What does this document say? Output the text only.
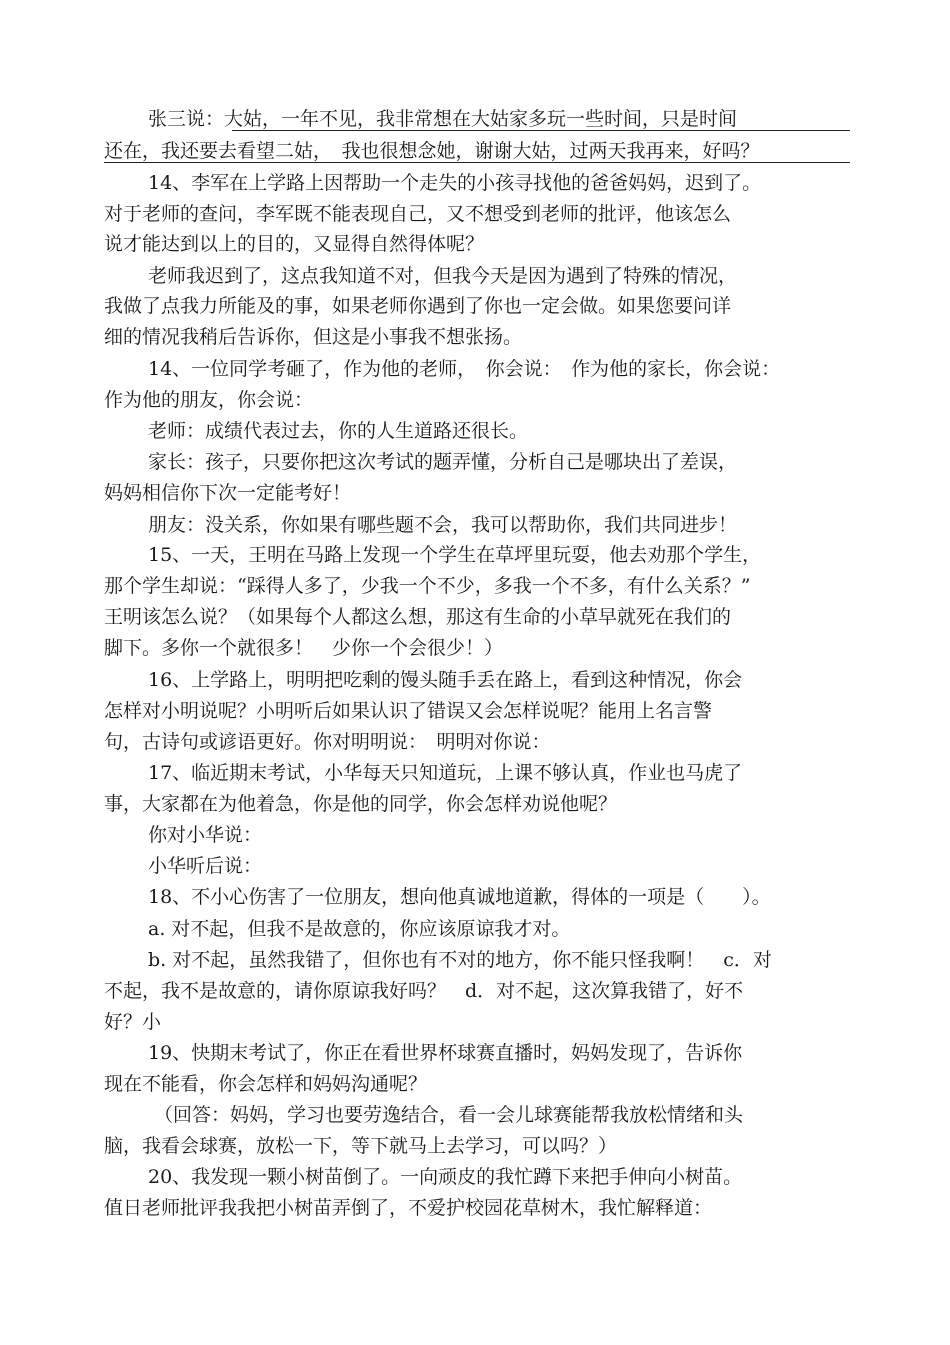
张三说：大姑，一年不见，我非常想在大姑家多玩一些时间，只是时间
还在，我还要去看望二姑，　我也很想念她，谢谢大姑，过两天我再来，好吗？
14、李军在上学路上因帮助一个走失的小孩寻找他的爸爸妈妈，迟到了。
对于老师的查问，李军既不能表现自己，又不想受到老师的批评，他该怎么
说才能达到以上的目的，又显得自然得体呢？
老师我迟到了，这点我知道不对，但我今天是因为遇到了特殊的情况，
我做了点我力所能及的事，如果老师你遇到了你也一定会做。如果您要问详
细的情况我稍后告诉你，但这是小事我不想张扬。
14、一位同学考砸了，作为他的老师，　你会说：　作为他的家长，你会说：
作为他的朋友，你会说：
老师：成绩代表过去，你的人生道路还很长。
家长：孩子，只要你把这次考试的题弄懂，分析自己是哪块出了差误，
妈妈相信你下次一定能考好！
朋友：没关系，你如果有哪些题不会，我可以帮助你，我们共同进步！
15、一天，王明在马路上发现一个学生在草坪里玩耍，他去劝那个学生，
那个学生却说：“踩得人多了，少我一个不少，多我一个不多，有什么关系？”
王明该怎么说？（如果每个人都这么想，那这有生命的小草早就死在我们的
脚下。多你一个就很多！　少你一个会很少！）
16、上学路上，明明把吃剩的馒头随手丢在路上，看到这种情况，你会
怎样对小明说呢？小明听后如果认识了错误又会怎样说呢？能用上名言警
句，古诗句或谚语更好。你对明明说：　明明对你说：
17、临近期末考试，小华每天只知道玩，上课不够认真，作业也马虎了
事，大家都在为他着急，你是他的同学，你会怎样劝说他呢？
你对小华说：
小华听后说：
18、不小心伤害了一位朋友，想向他真诚地道歉，得体的一项是（　　）。
a. 对不起，但我不是故意的，你应该原谅我才对。
b. 对不起，虽然我错了，但你也有不对的地方，你不能只怪我啊！　c．对
不起，我不是故意的，请你原谅我好吗？　d．对不起，这次算我错了，好不
好？小
19、快期末考试了，你正在看世界杯球赛直播时，妈妈发现了，告诉你
现在不能看，你会怎样和妈妈沟通呢？
（回答：妈妈，学习也要劳逸结合，看一会儿球赛能帮我放松情绪和头
脑，我看会球赛，放松一下，等下就马上去学习，可以吗？）
20、我发现一颗小树苗倒了。一向顽皮的我忙蹲下来把手伸向小树苗。
值日老师批评我我把小树苗弄倒了，不爱护校园花草树木，我忙解释道：
